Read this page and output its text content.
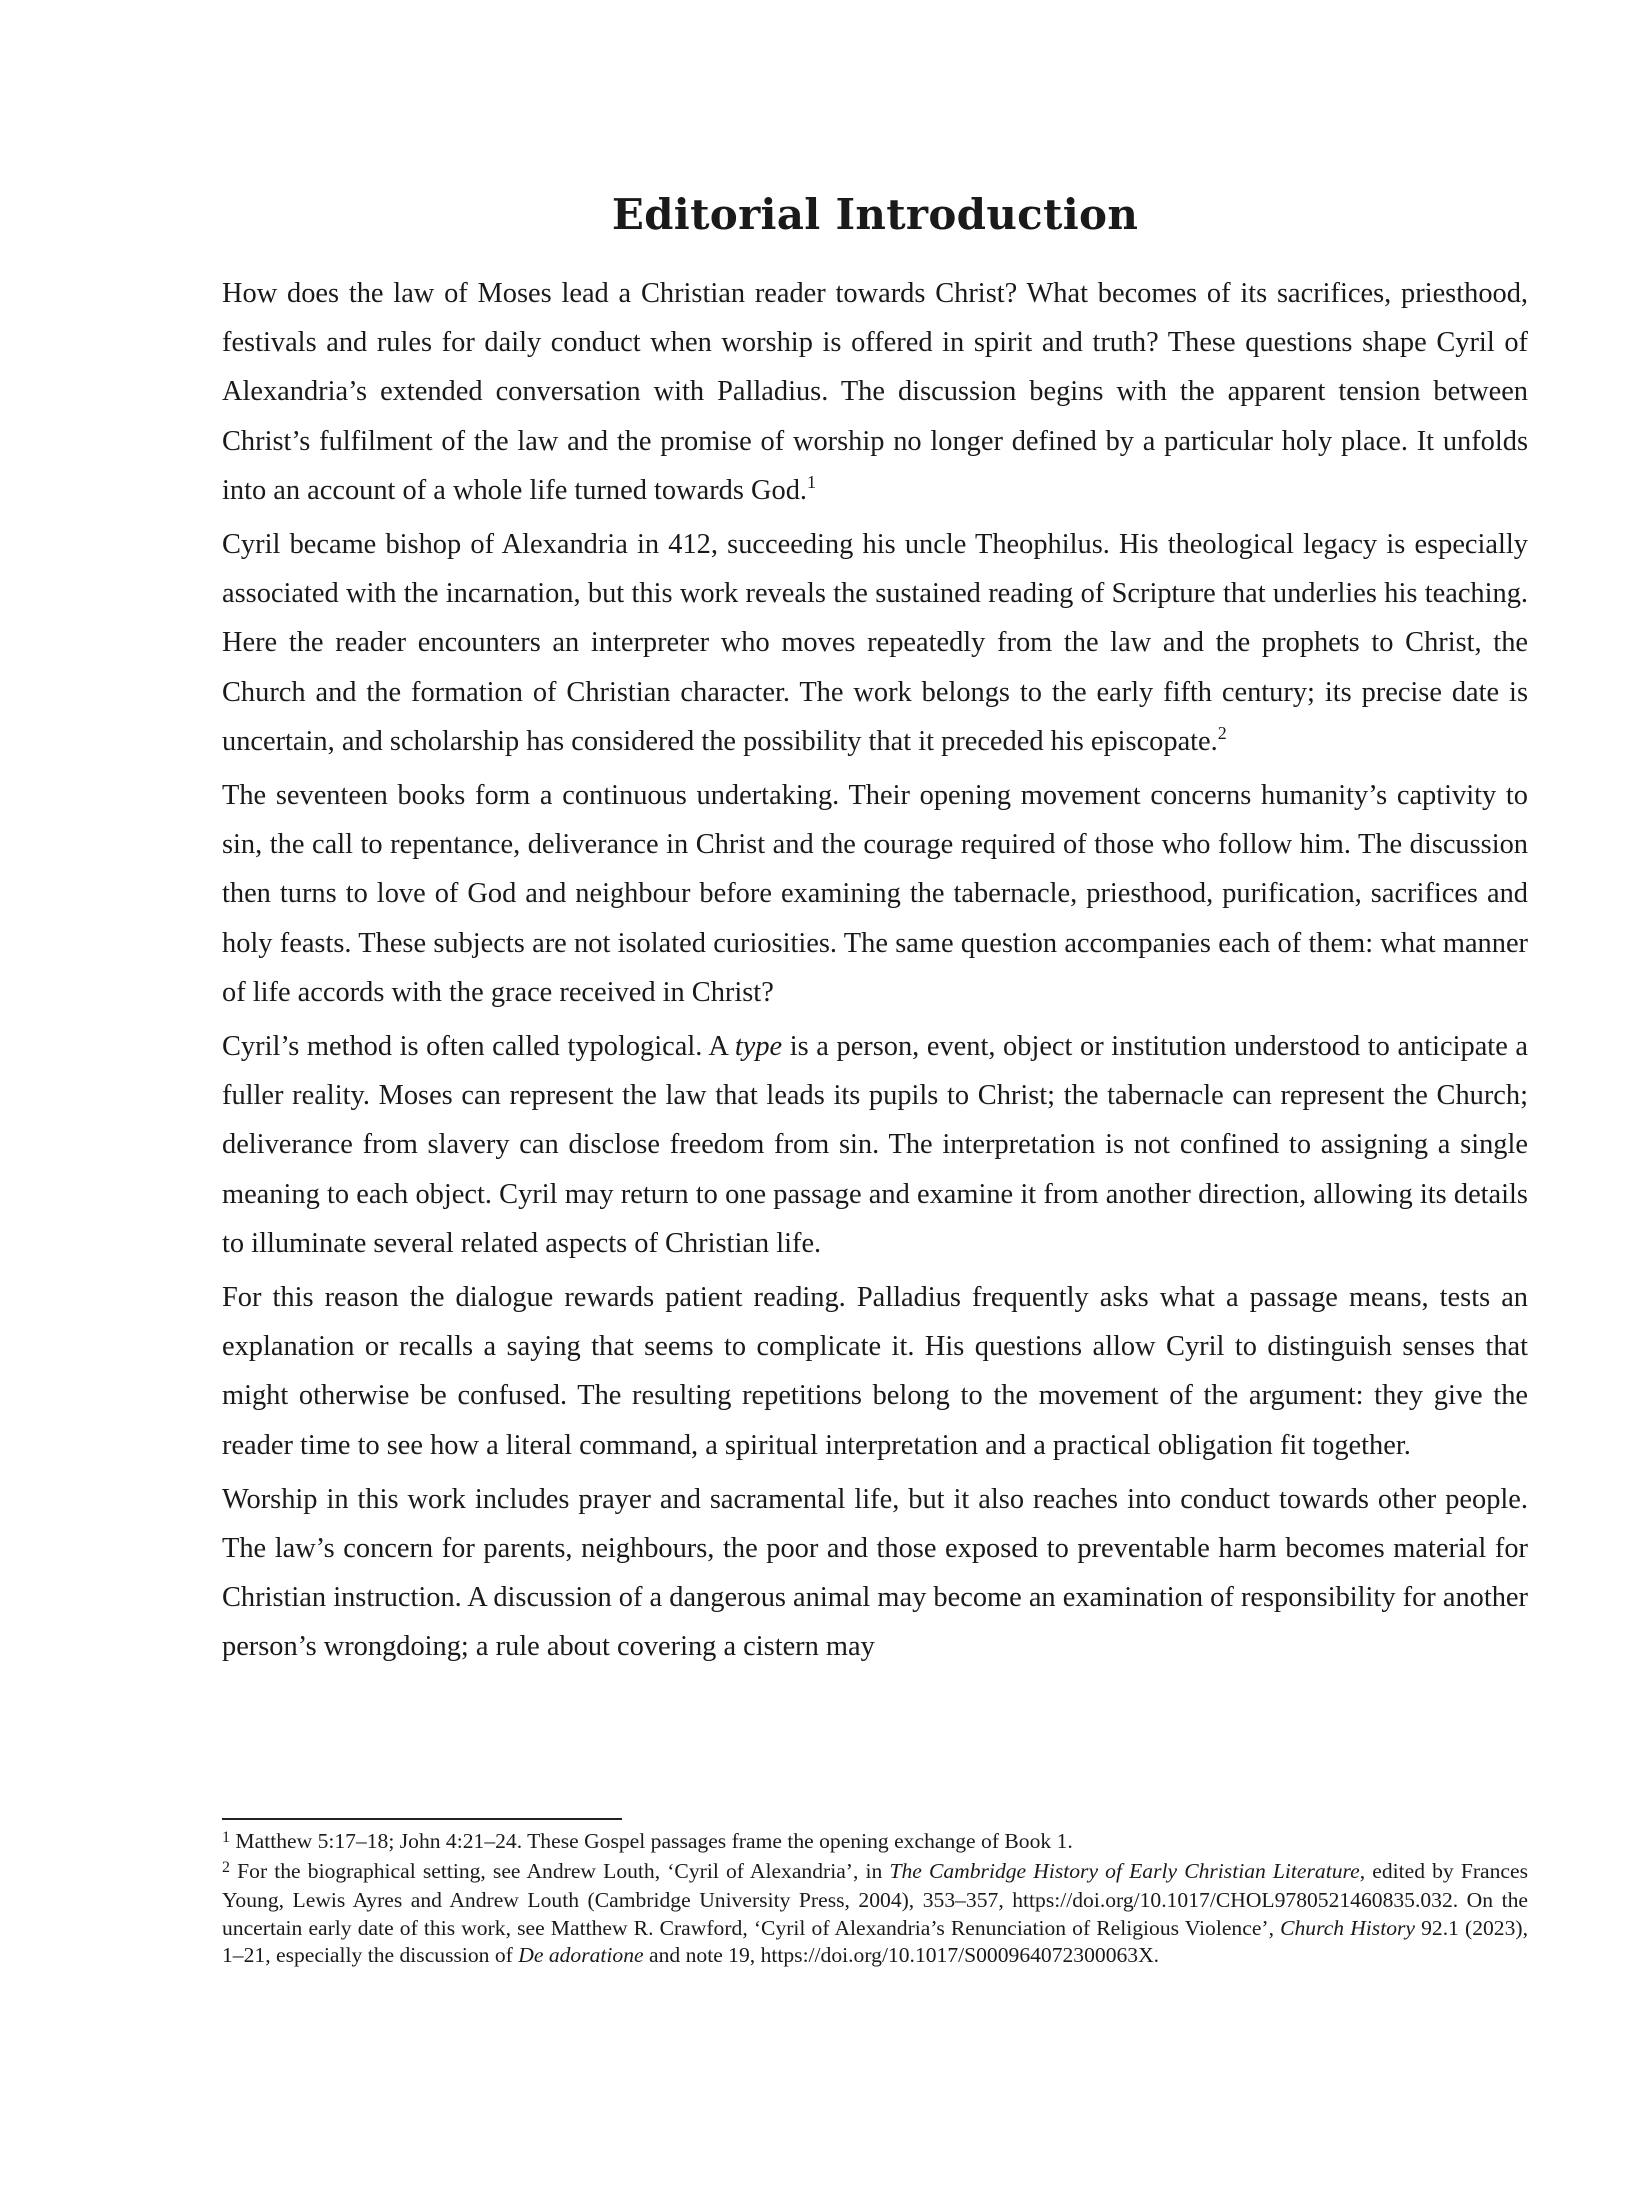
Editorial Introduction

How does the law of Moses lead a Christian reader towards Christ? What becomes of its sacrifices, priesthood, festivals and rules for daily conduct when worship is offered in spirit and truth? These questions shape Cyril of Alexandria’s extended conversation with Palladius. The discussion begins with the apparent tension between Christ’s fulfilment of the law and the promise of worship no longer defined by a particular holy place. It unfolds into an account of a whole life turned towards God.$^1$

Cyril became bishop of Alexandria in 412, succeeding his uncle Theophilus. His theological legacy is especially associated with the incarnation, but this work reveals the sustained reading of Scripture that underlies his teaching. Here the reader encounters an interpreter who moves repeatedly from the law and the prophets to Christ, the Church and the formation of Christian character. The work belongs to the early fifth century; its precise date is uncertain, and scholarship has considered the possibility that it preceded his episcopate.$^2$

The seventeen books form a continuous undertaking. Their opening movement concerns humanity’s captivity to sin, the call to repentance, deliverance in Christ and the courage required of those who follow him. The discussion then turns to love of God and neighbour before examining the tabernacle, priesthood, purification, sacrifices and holy feasts. These subjects are not isolated curiosities. The same question accompanies each of them: what manner of life accords with the grace received in Christ?

Cyril’s method is often called typological. A type is a person, event, object or institution understood to anticipate a fuller reality. Moses can represent the law that leads its pupils to Christ; the tabernacle can represent the Church; deliverance from slavery can disclose freedom from sin. The interpretation is not confined to assigning a single meaning to each object. Cyril may return to one passage and examine it from another direction, allowing its details to illuminate several related aspects of Christian life.

For this reason the dialogue rewards patient reading. Palladius frequently asks what a passage means, tests an explanation or recalls a saying that seems to complicate it. His questions allow Cyril to distinguish senses that might otherwise be confused. The resulting repetitions belong to the movement of the argument: they give the reader time to see how a literal command, a spiritual interpretation and a practical obligation fit together.

Worship in this work includes prayer and sacramental life, but it also reaches into conduct towards other people. The law’s concern for parents, neighbours, the poor and those exposed to preventable harm becomes material for Christian instruction. A discussion of a dangerous animal may become an examination of responsibility for another person’s wrongdoing; a rule about covering a cistern may

$^1$ Matthew 5:17–18; John 4:21–24. These Gospel passages frame the opening exchange of Book 1.

$^2$ For the biographical setting, see Andrew Louth, ‘Cyril of Alexandria’, in The Cambridge History of Early Christian Literature, edited by Frances Young, Lewis Ayres and Andrew Louth (Cambridge University Press, 2004), 353–357, https://doi.org/10.1017/CHOL9780521460835.032. On the uncertain early date of this work, see Matthew R. Crawford, ‘Cyril of Alexandria’s Renunciation of Religious Violence’, Church History 92.1 (2023), 1–21, especially the discussion of De adoratione and note 19, https://doi.org/10.1017/S000964072300063X.
